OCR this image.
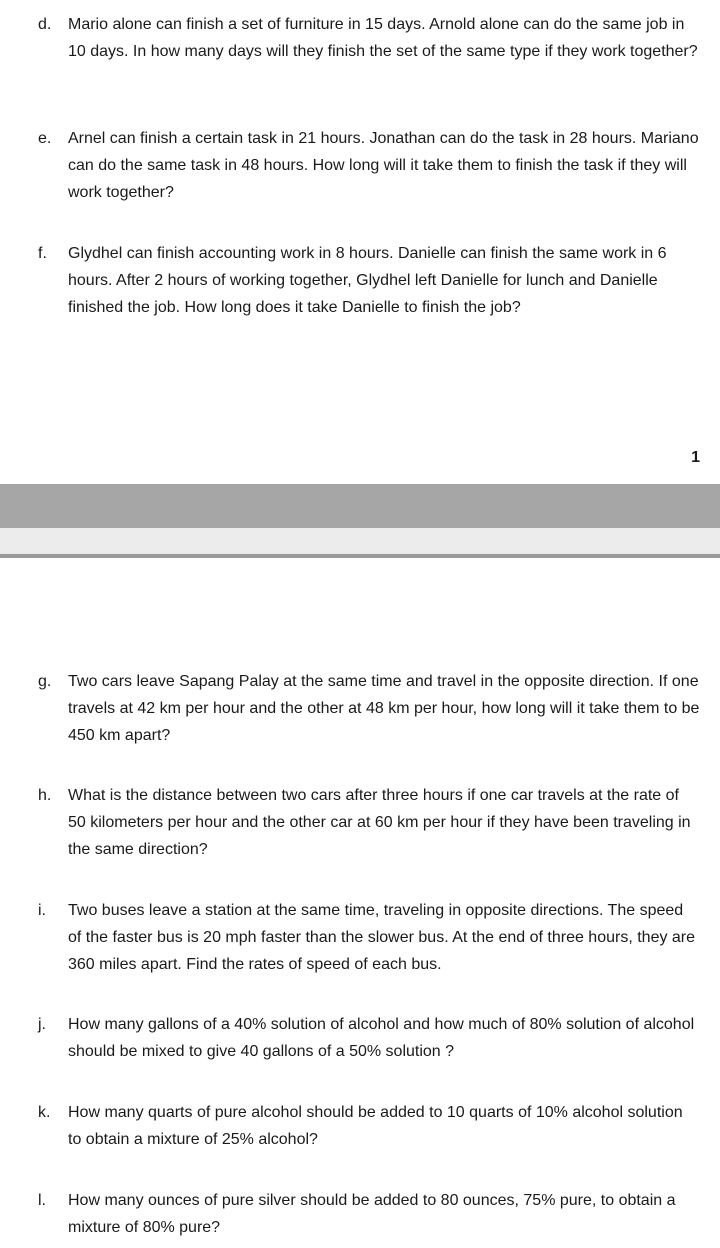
d.	Mario alone can finish a set of furniture in 15 days. Arnold alone can do the same job in 10 days. In how many days will they finish the set of the same type if they work together?
e.	Arnel can finish a certain task in 21 hours. Jonathan can do the task in 28 hours. Mariano can do the same task in 48 hours. How long will it take them to finish the task if they will work together?
f.	Glydhel can finish accounting work in 8 hours. Danielle can finish the same work in 6 hours. After 2 hours of working together, Glydhel left Danielle for lunch and Danielle finished the job. How long does it take Danielle to finish the job?
1
g.	Two cars leave Sapang Palay at the same time and travel in the opposite direction. If one travels at 42 km per hour and the other at 48 km per hour, how long will it take them to be 450 km apart?
h.	What is the distance between two cars after three hours if one car travels at the rate of 50 kilometers per hour and the other car at 60 km per hour if they have been traveling in the same direction?
i.	Two buses leave a station at the same time, traveling in opposite directions. The speed of the faster bus is 20 mph faster than the slower bus. At the end of three hours, they are 360 miles apart. Find the rates of speed of each bus.
j.	How many gallons of a 40% solution of alcohol and how much of 80% solution of alcohol should be mixed to give 40 gallons of a 50% solution ?
k.	How many quarts of pure alcohol should be added to 10 quarts of 10% alcohol solution to obtain a mixture of 25% alcohol?
l.	How many ounces of pure silver should be added to 80 ounces, 75% pure, to obtain a mixture of 80% pure?
